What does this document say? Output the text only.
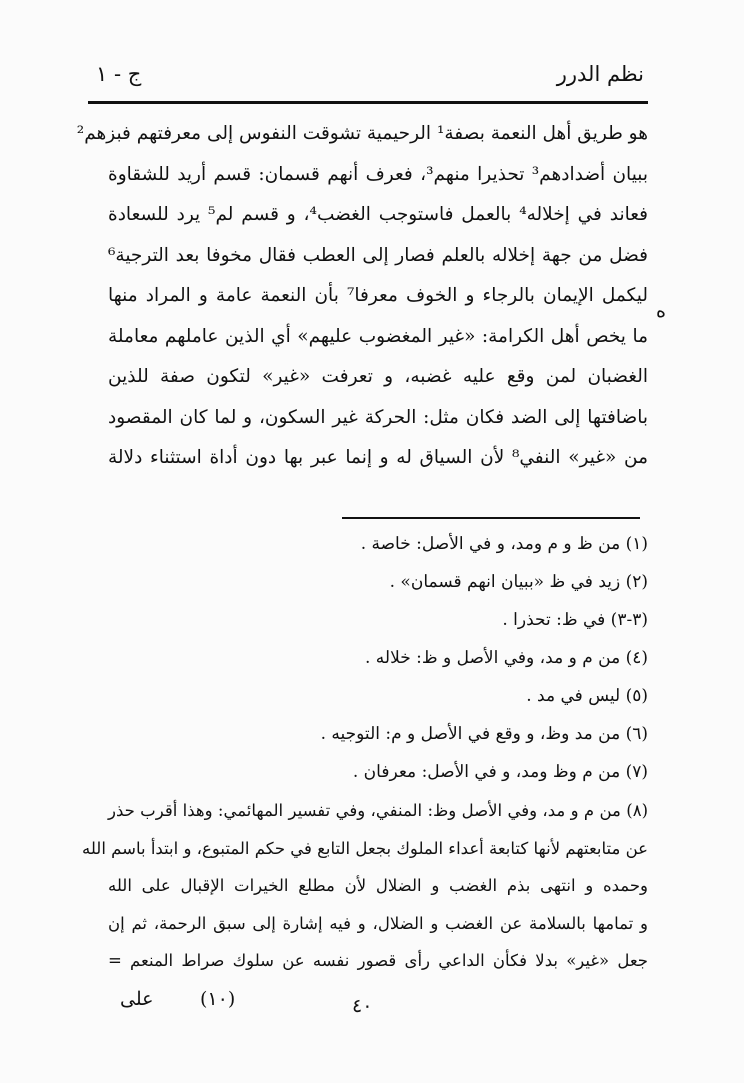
نظم الدرر
ج - ١
ه
هو طريق أهل النعمة بصفة¹ الرحيمية تشوقت النفوس إلى معرفتهم فبزهم²
ببيان أضدادهم³ تحذيرا منهم³، فعرف أنهم قسمان: قسم أريد للشقاوة
فعاند في إخلاله⁴ بالعمل فاستوجب الغضب⁴، و قسم لم⁵ يرد للسعادة
فضل من جهة إخلاله بالعلم فصار إلى العطب فقال مخوفا بعد الترجية⁶
ليكمل الإيمان بالرجاء و الخوف معرفا⁷ بأن النعمة عامة و المراد منها
ما يخص أهل الكرامة: «غير المغضوب عليهم» أي الذين عاملهم معاملة
الغضبان لمن وقع عليه غضبه، و تعرفت «غير» لتكون صفة للذين
باضافتها إلى الضد فكان مثل: الحركة غير السكون، و لما كان المقصود
من «غير» النفي⁸ لأن السياق له و إنما عبر بها دون أداة استثناء دلالة
(١) من ظ و م ومد، و في الأصل: خاصة .
(٢) زيد في ظ «ببيان انهم قسمان» .
(٣-٣) في ظ: تحذرا .
(٤) من م و مد، وفي الأصل و ظ: خلاله .
(٥) ليس في مد .
(٦) من مد وظ، و وقع في الأصل و م: التوجيه .
(٧) من م وظ ومد، و في الأصل: معرفان .
(٨) من م و مد، وفي الأصل وظ: المنفي، وفي تفسير المهائمي: وهذا أقرب حذر
عن متابعتهم لأنها كتابعة أعداء الملوك بجعل التابع في حكم المتبوع، و ابتدأ باسم الله
وحمده و انتهى بذم الغضب و الضلال لأن مطلع الخيرات الإقبال على الله
و تمامها بالسلامة عن الغضب و الضلال، و فيه إشارة إلى سبق الرحمة، ثم إن
جعل «غير» بدلا فكأن الداعي رأى قصور نفسه عن سلوك صراط المنعم =
على (١٠)	٤٠
